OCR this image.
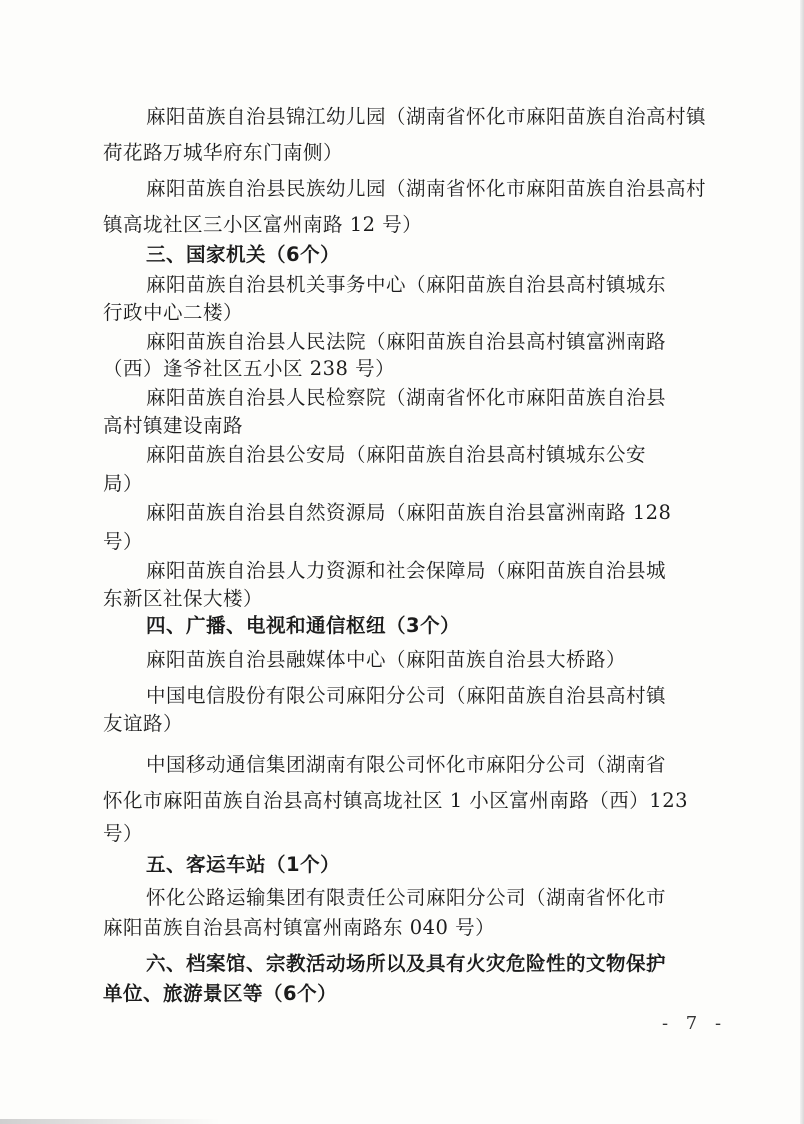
麻阳苗族自治县锦江幼儿园（湖南省怀化市麻阳苗族自治高村镇
荷花路万城华府东门南侧）
麻阳苗族自治县民族幼儿园（湖南省怀化市麻阳苗族自治县高村
镇高垅社区三小区富州南路 12 号）
三、国家机关（6个）
麻阳苗族自治县机关事务中心（麻阳苗族自治县高村镇城东
行政中心二楼）
麻阳苗族自治县人民法院（麻阳苗族自治县高村镇富洲南路
（西）逢爷社区五小区 238 号）
麻阳苗族自治县人民检察院（湖南省怀化市麻阳苗族自治县
高村镇建设南路
麻阳苗族自治县公安局（麻阳苗族自治县高村镇城东公安
局）
麻阳苗族自治县自然资源局（麻阳苗族自治县富洲南路 128
号）
麻阳苗族自治县人力资源和社会保障局（麻阳苗族自治县城
东新区社保大楼）
四、广播、电视和通信枢纽（3个）
麻阳苗族自治县融媒体中心（麻阳苗族自治县大桥路）
中国电信股份有限公司麻阳分公司（麻阳苗族自治县高村镇
友谊路）
中国移动通信集团湖南有限公司怀化市麻阳分公司（湖南省
怀化市麻阳苗族自治县高村镇高垅社区 1 小区富州南路（西）123
号）
五、客运车站（1个）
怀化公路运输集团有限责任公司麻阳分公司（湖南省怀化市
麻阳苗族自治县高村镇富州南路东 040 号）
六、档案馆、宗教活动场所以及具有火灾危险性的文物保护
单位、旅游景区等（6个）
- 7 -
